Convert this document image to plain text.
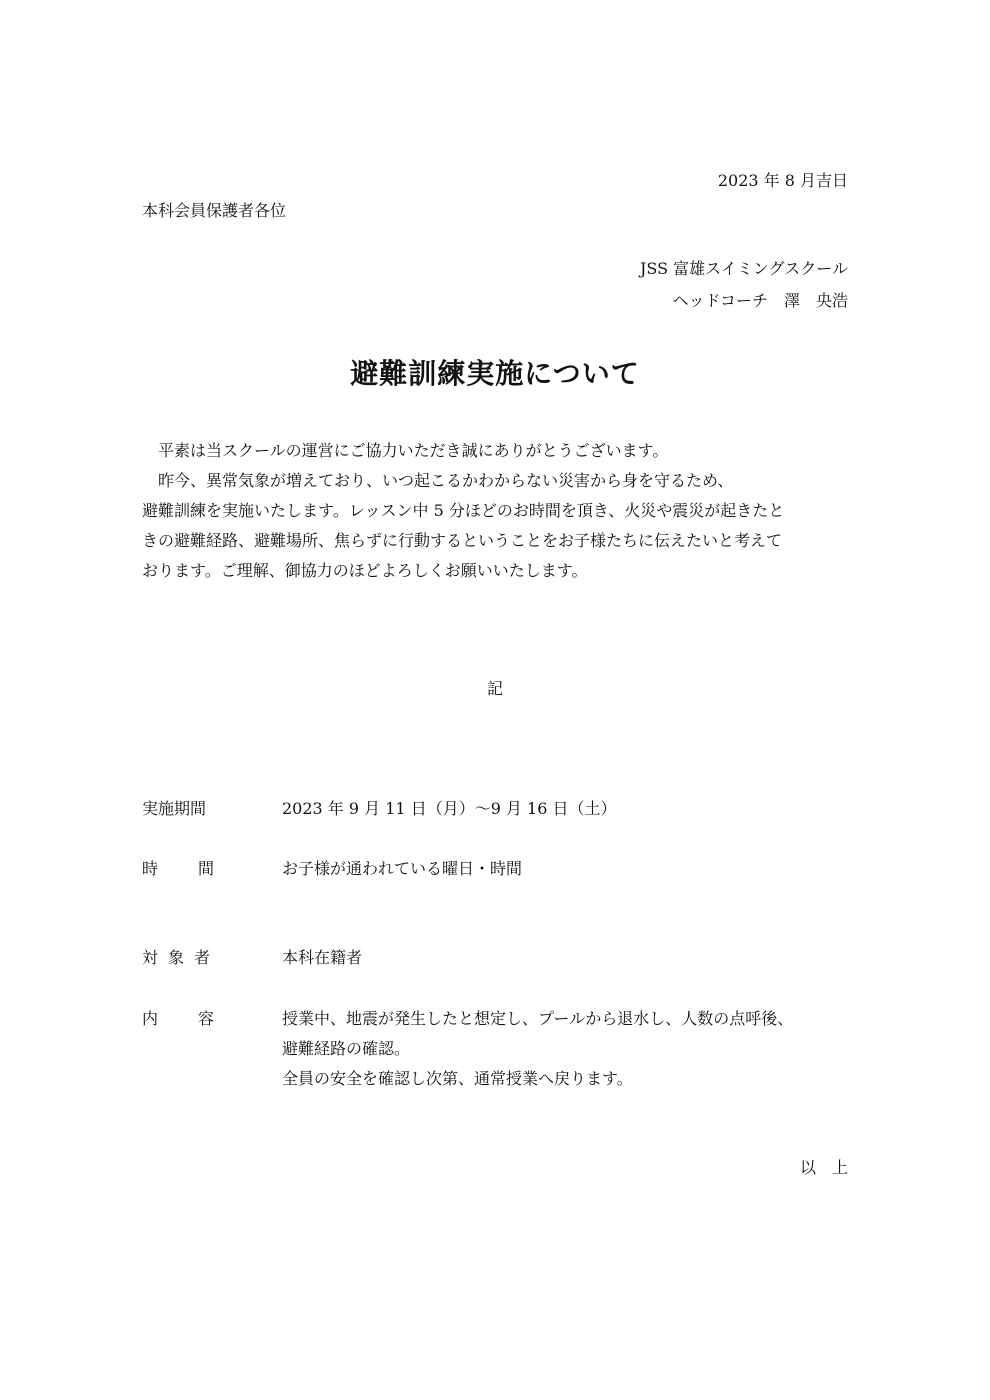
2023 年 8 月吉日
本科会員保護者各位
JSS 富雄スイミングスクール
ヘッドコーチ　澤　央浩
避難訓練実施について

平素は当スクールの運営にご協力いただき誠にありがとうございます。

昨今、異常気象が増えており、いつ起こるかわからない災害から身を守るため、

避難訓練を実施いたします。レッスン中 5 分ほどのお時間を頂き、火災や震災が起きたと

きの避難経路、避難場所、焦らずに行動するということをお子様たちに伝えたいと考えて

おります。ご理解、御協力のほどよろしくお願いいたします。

記
実施期間	2023 年 9 月 11 日（月）～9 月 16 日（土）
時 間	お子様が通われている曜日・時間
対 象 者	本科在籍者
内 容	授業中、地震が発生したと想定し、プールから退水し、人数の点呼後、

避難経路の確認。

全員の安全を確認し次第、通常授業へ戻ります。

以　上
